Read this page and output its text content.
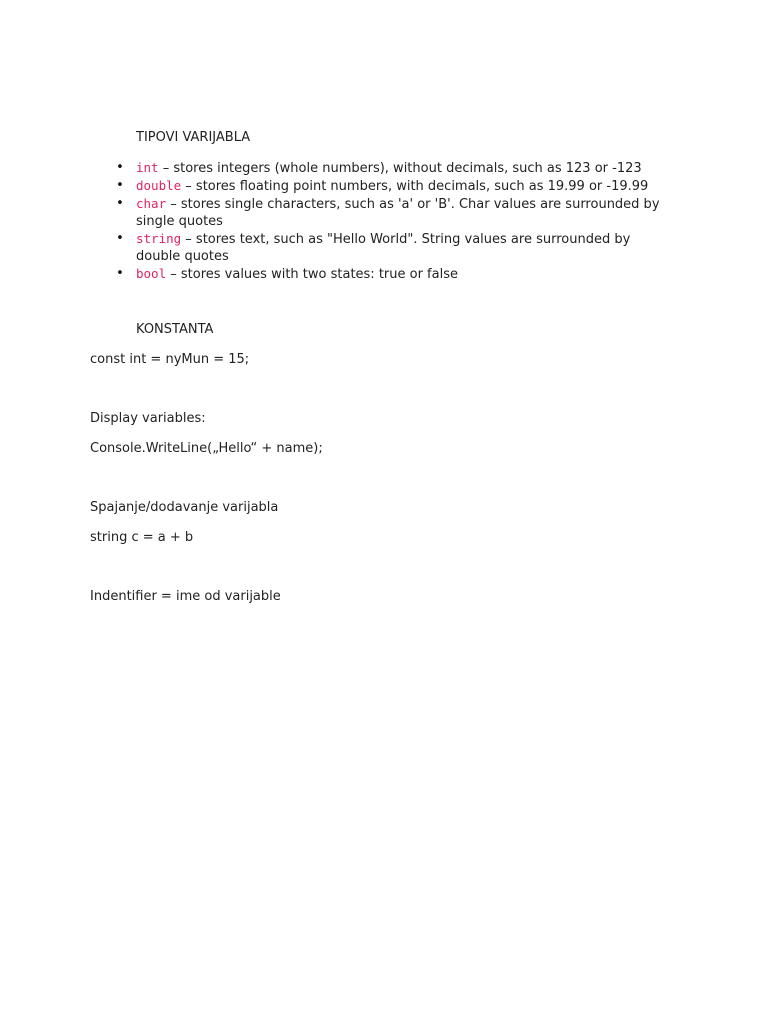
TIPOVI VARIJABLA
• int – stores integers (whole numbers), without decimals, such as 123 or -123
• double – stores floating point numbers, with decimals, such as 19.99 or -19.99
• char – stores single characters, such as 'a' or 'B'. Char values are surrounded by single quotes
• string – stores text, such as "Hello World". String values are surrounded by double quotes
• bool – stores values with two states: true or false
KONSTANTA
const int = nyMun = 15;
Display variables:
Console.WriteLine(„Hello“ + name);
Spajanje/dodavanje varijabla
string c = a + b
Indentifier = ime od varijable
